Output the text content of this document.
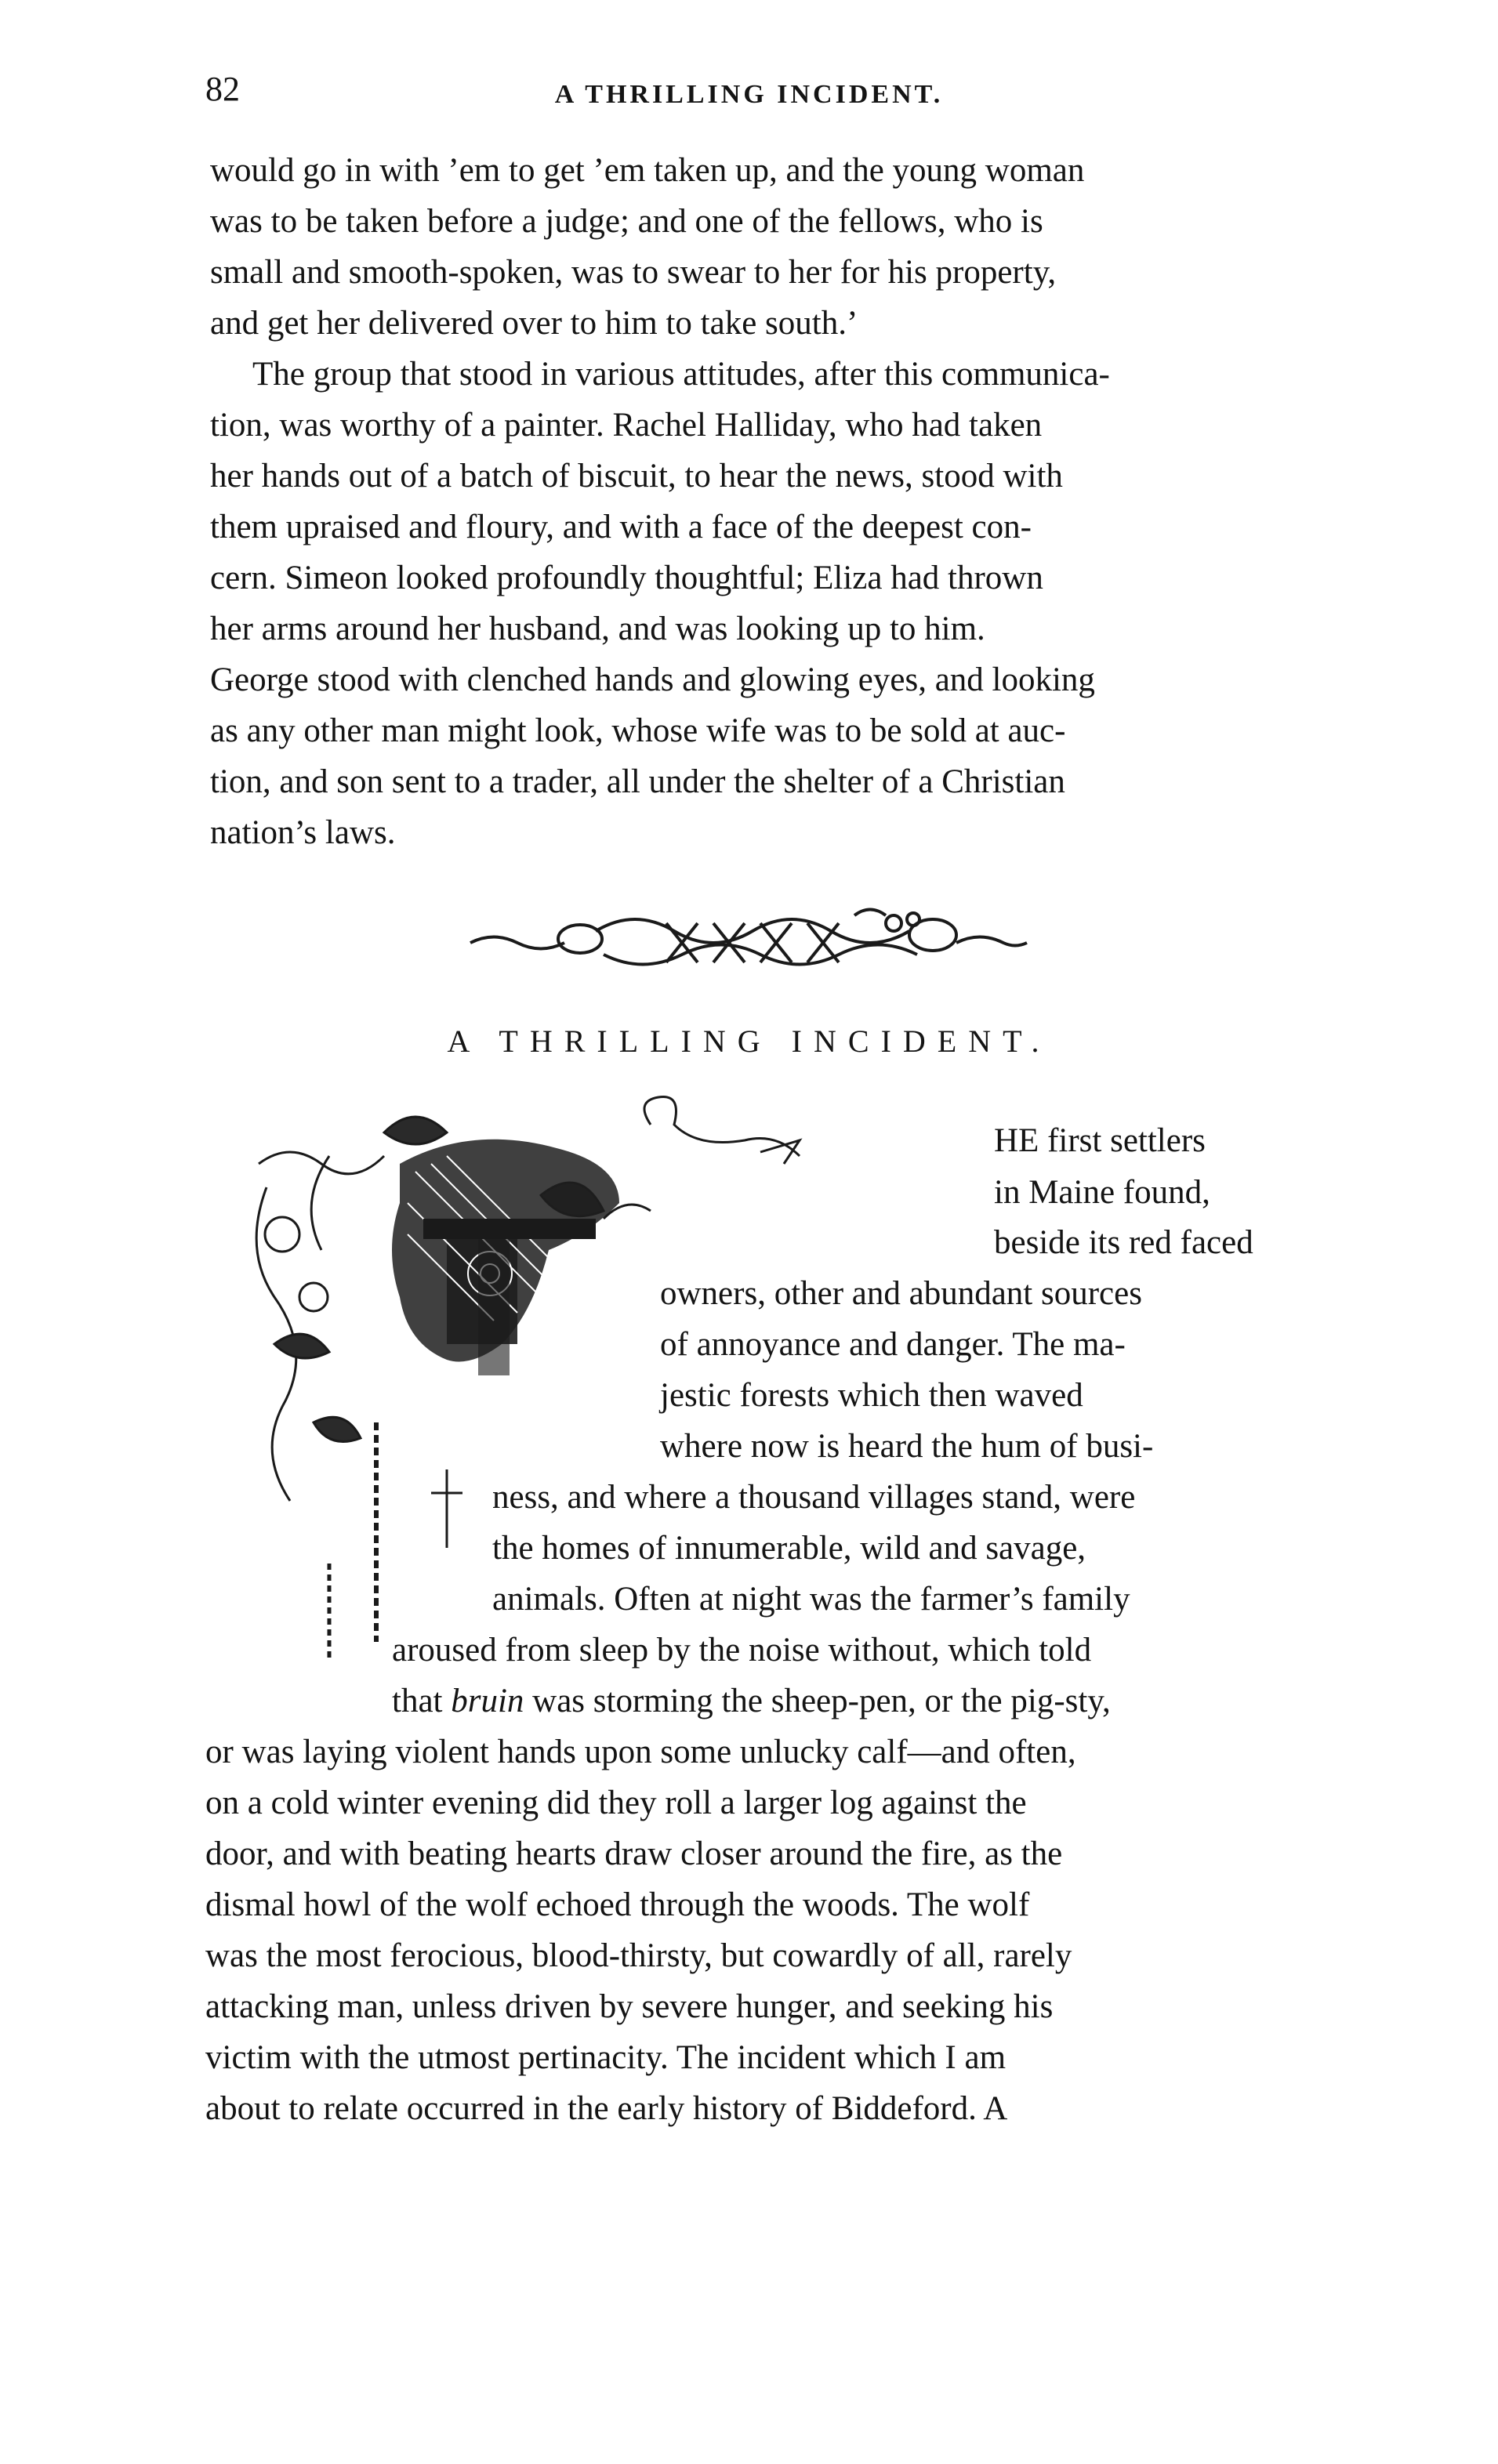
82	A THRILLING INCIDENT.
would go in with ’em to get ’em taken up, and the young woman
was to be taken before a judge; and one of the fellows, who is
small and smooth-spoken, was to swear to her for his property,
and get her delivered over to him to take south.’
The group that stood in various attitudes, after this communica-
tion, was worthy of a painter. Rachel Halliday, who had taken
her hands out of a batch of biscuit, to hear the news, stood with
them upraised and floury, and with a face of the deepest con-
cern. Simeon looked profoundly thoughtful; Eliza had thrown
her arms around her husband, and was looking up to him.
George stood with clenched hands and glowing eyes, and looking
as any other man might look, whose wife was to be sold at auc-
tion, and son sent to a trader, all under the shelter of a Christian
nation’s laws.
A THRILLING INCIDENT.
HE first settlers
in Maine found,
beside its red faced
owners, other and abundant sources
of annoyance and danger. The ma-
jestic forests which then waved
where now is heard the hum of busi-
ness, and where a thousand villages stand, were
the homes of innumerable, wild and savage,
animals. Often at night was the farmer’s family
aroused from sleep by the noise without, which told
that bruin was storming the sheep-pen, or the pig-sty,
or was laying violent hands upon some unlucky calf—and often,
on a cold winter evening did they roll a larger log against the
door, and with beating hearts draw closer around the fire, as the
dismal howl of the wolf echoed through the woods. The wolf
was the most ferocious, blood-thirsty, but cowardly of all, rarely
attacking man, unless driven by severe hunger, and seeking his
victim with the utmost pertinacity. The incident which I am
about to relate occurred in the early history of Biddeford. A
